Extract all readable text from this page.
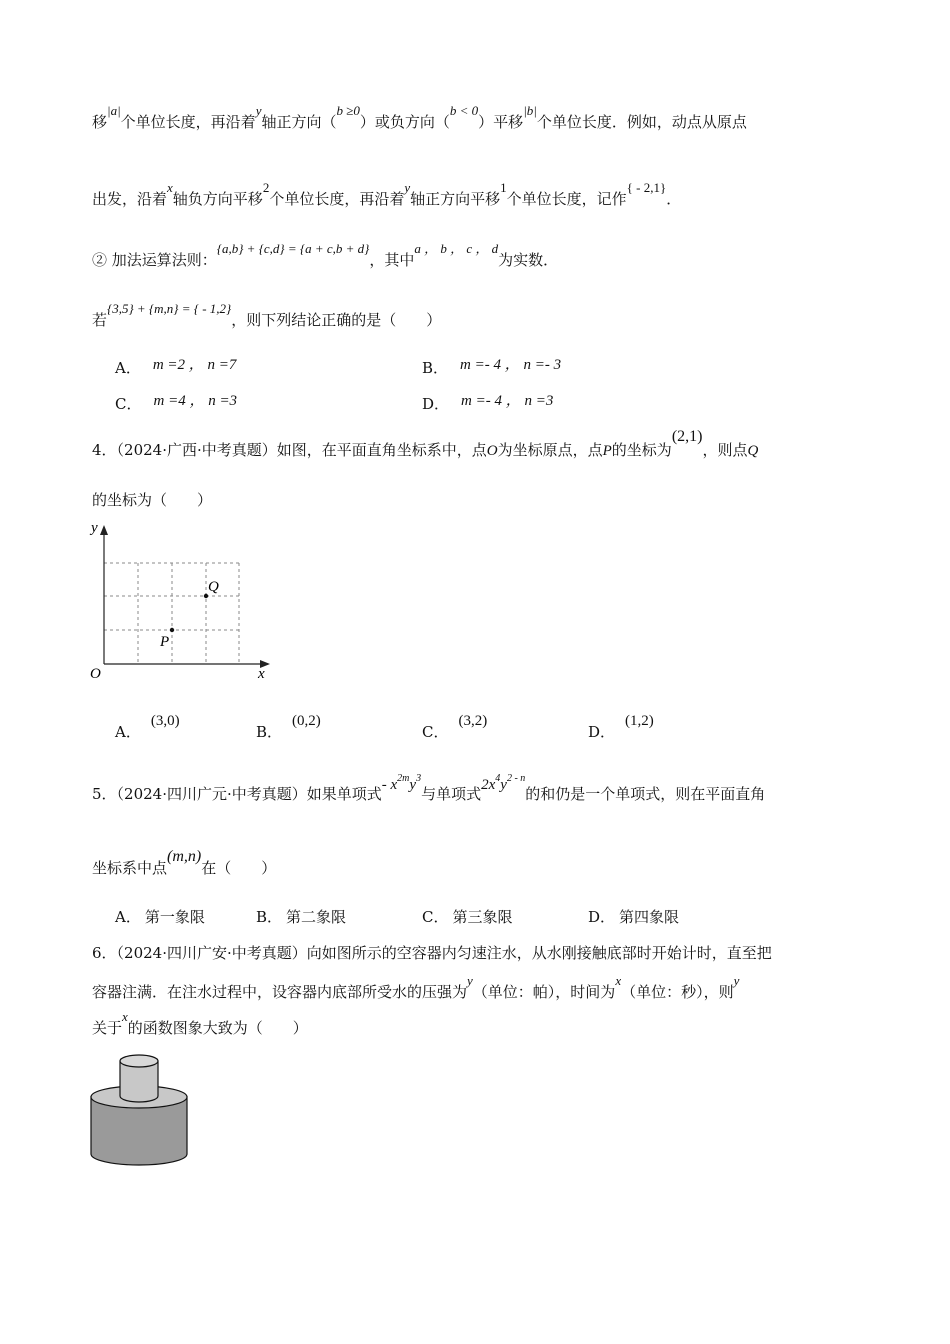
移|a|个单位长度，再沿着y轴正方向（b ≥0）或负方向（b < 0）平移|b|个单位长度．例如，动点从原点
出发，沿着x轴负方向平移2个单位长度，再沿着y轴正方向平移1个单位长度，记作{ - 2,1}．
② 加法运算法则：{a,b} + {c,d} = {a + c,b + d}，其中a ， b ， c ， d为实数．
若{3,5} + {m,n} = { - 1,2}，则下列结论正确的是（　　）
A． m =2 ， n =7	B． m =- 4 ， n =- 3
C． m =4 ， n =3	D． m =- 4 ， n =3
4．（2024·广西·中考真题）如图，在平面直角坐标系中，点O为坐标原点，点P的坐标为(2,1)，则点Q
的坐标为（　　）
y
x
O
P
Q
A．(3,0)
B．(0,2)
C．(3,2)
D．(1,2)
5．（2024·四川广元·中考真题）如果单项式- $x^{2m}y^3$与单项式$2x^4y^{2 - n}$的和仍是一个单项式，则在平面直角
坐标系中点(m,n)在（　　）
A． 第一象限	B． 第二象限	C． 第三象限	D． 第四象限
6．（2024·四川广安·中考真题）向如图所示的空容器内匀速注水，从水刚接触底部时开始计时，直至把
容器注满．在注水过程中，设容器内底部所受水的压强为y（单位：帕），时间为x（单位：秒），则y
关于x的函数图象大致为（　　）
